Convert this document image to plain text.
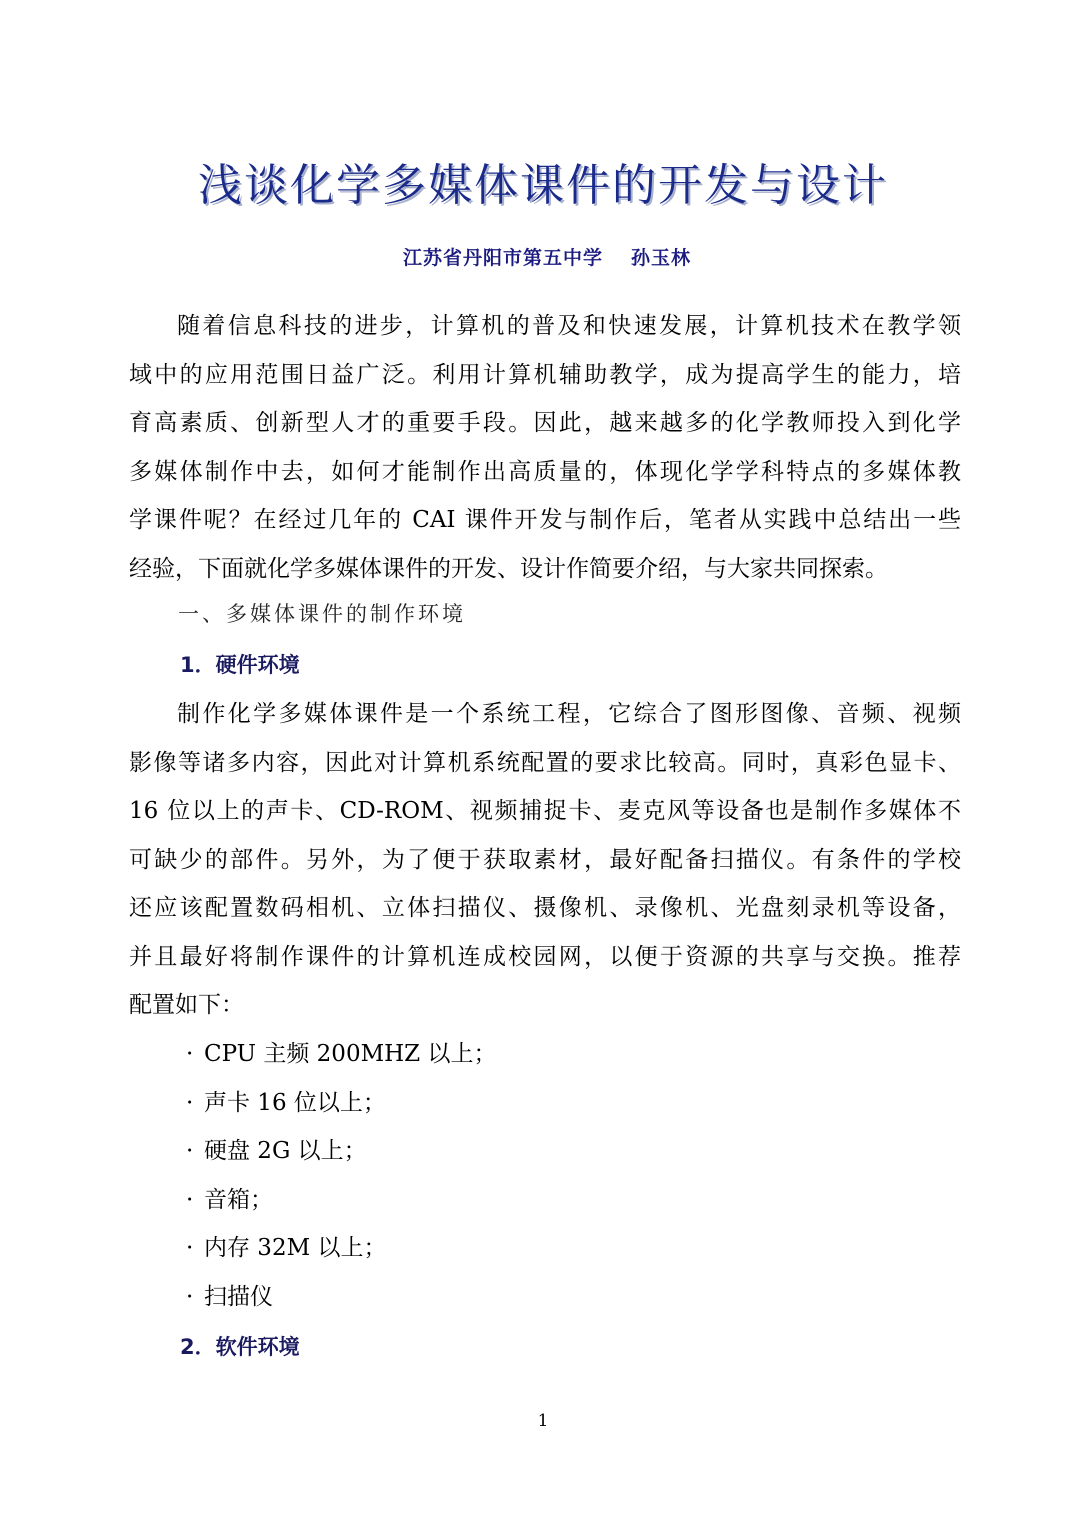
浅谈化学多媒体课件的开发与设计
江苏省丹阳市第五中学 孙玉林
随着信息科技的进步，计算机的普及和快速发展，计算机技术在教学领
域中的应用范围日益广泛。利用计算机辅助教学，成为提高学生的能力，培
育高素质、创新型人才的重要手段。因此，越来越多的化学教师投入到化学
多媒体制作中去，如何才能制作出高质量的，体现化学学科特点的多媒体教
学课件呢？在经过几年的 CAI 课件开发与制作后，笔者从实践中总结出一些
经验，下面就化学多媒体课件的开发、设计作简要介绍，与大家共同探索。
一、多媒体课件的制作环境
1．硬件环境
制作化学多媒体课件是一个系统工程，它综合了图形图像、音频、视频
影像等诸多内容，因此对计算机系统配置的要求比较高。同时，真彩色显卡、
16 位以上的声卡、CD-ROM、视频捕捉卡、麦克风等设备也是制作多媒体不
可缺少的部件。另外，为了便于获取素材，最好配备扫描仪。有条件的学校
还应该配置数码相机、立体扫描仪、摄像机、录像机、光盘刻录机等设备，
并且最好将制作课件的计算机连成校园网，以便于资源的共享与交换。推荐
配置如下：
· CPU 主频 200MHZ 以上；
· 声卡 16 位以上；
· 硬盘 2G 以上；
· 音箱；
· 内存 32M 以上；
· 扫描仪
2．软件环境
1
